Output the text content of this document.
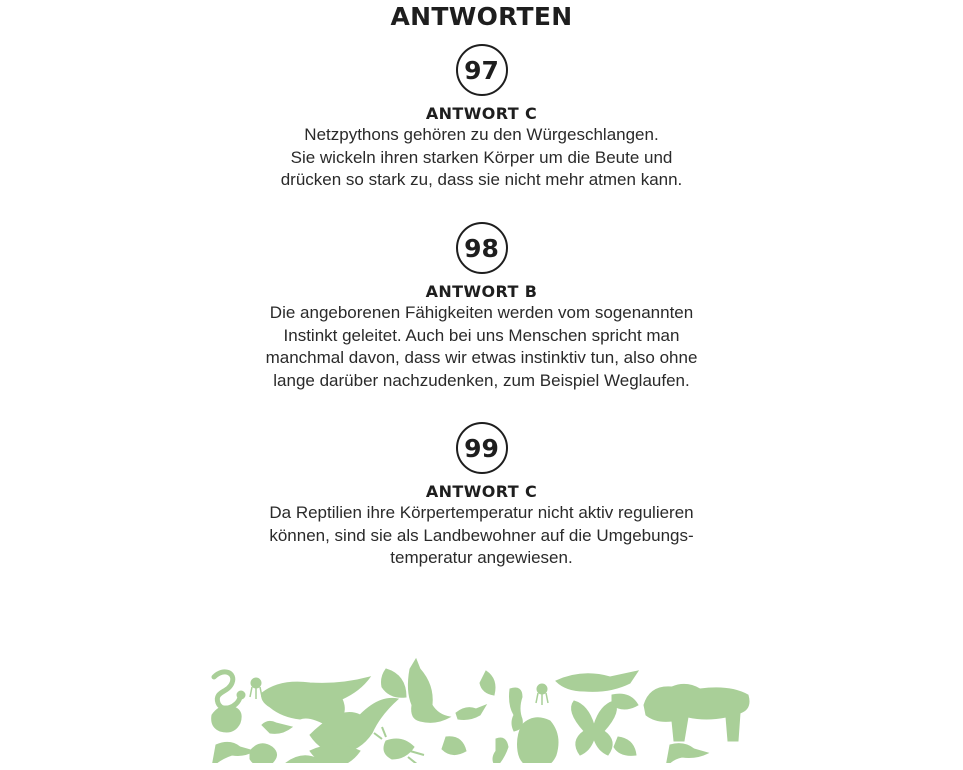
ANTWORTEN
97
ANTWORT C
Netzpythons gehören zu den Würgeschlangen.
Sie wickeln ihren starken Körper um die Beute und
drücken so stark zu, dass sie nicht mehr atmen kann.
98
ANTWORT B
Die angeborenen Fähigkeiten werden vom sogenannten
Instinkt geleitet. Auch bei uns Menschen spricht man
manchmal davon, dass wir etwas instinktiv tun, also ohne
lange darüber nachzudenken, zum Beispiel Weglaufen.
99
ANTWORT C
Da Reptilien ihre Körpertemperatur nicht aktiv regulieren
können, sind sie als Landbewohner auf die Umgebungs-
temperatur angewiesen.
